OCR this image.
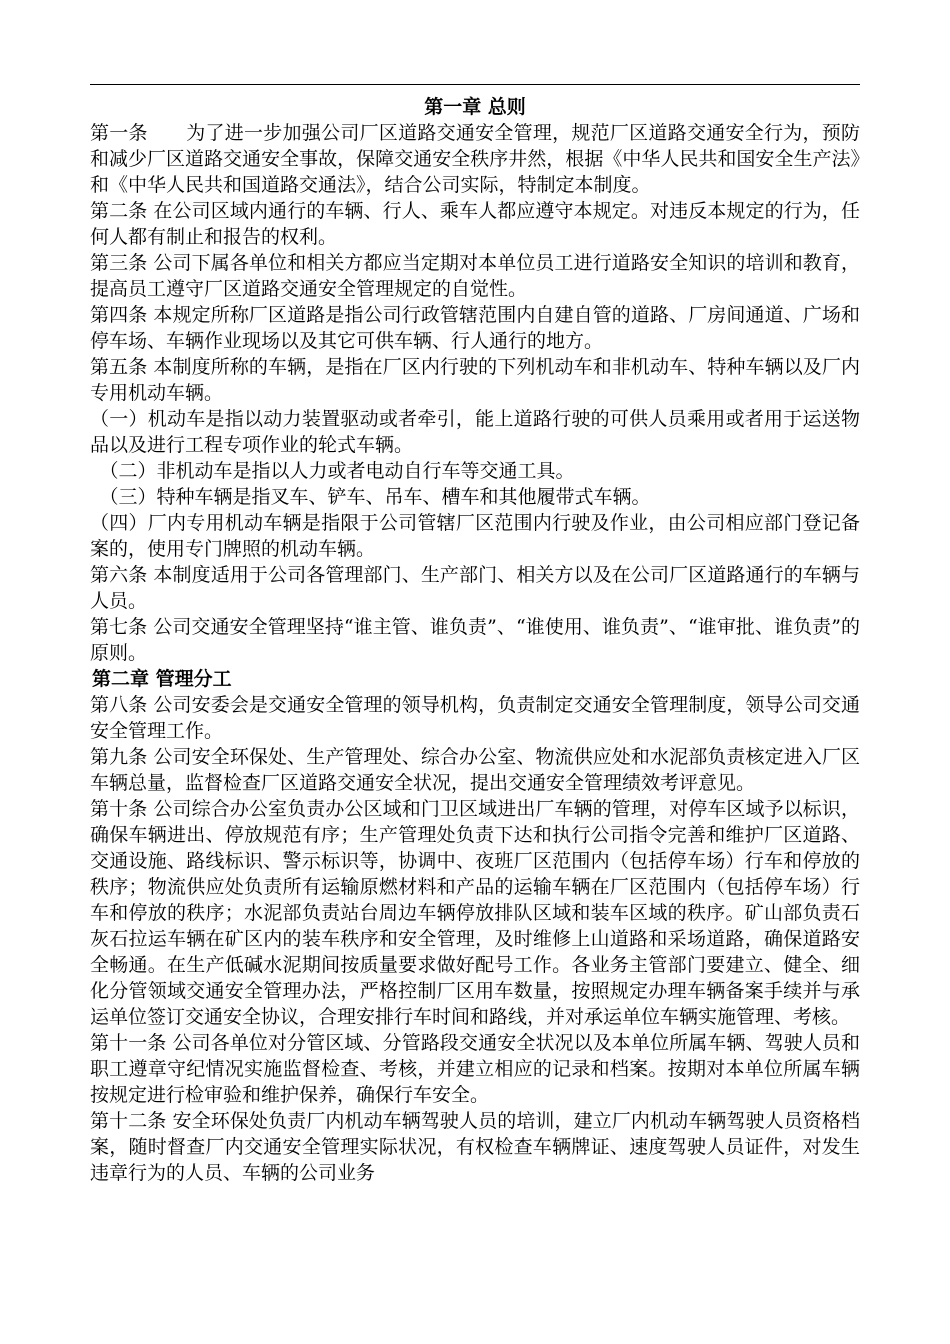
第一章 总则

第一条　　为了进一步加强公司厂区道路交通安全管理，规范厂区道路交通安全行为，预防和减少厂区道路交通安全事故，保障交通安全秩序井然，根据《中华人民共和国安全生产法》和《中华人民共和国道路交通法》，结合公司实际，特制定本制度。

第二条 在公司区域内通行的车辆、行人、乘车人都应遵守本规定。对违反本规定的行为，任何人都有制止和报告的权利。

第三条 公司下属各单位和相关方都应当定期对本单位员工进行道路安全知识的培训和教育，提高员工遵守厂区道路交通安全管理规定的自觉性。

第四条 本规定所称厂区道路是指公司行政管辖范围内自建自管的道路、厂房间通道、广场和停车场、车辆作业现场以及其它可供车辆、行人通行的地方。

第五条 本制度所称的车辆，是指在厂区内行驶的下列机动车和非机动车、特种车辆以及厂内专用机动车辆。

（一）机动车是指以动力装置驱动或者牵引，能上道路行驶的可供人员乘用或者用于运送物品以及进行工程专项作业的轮式车辆。

　（二）非机动车是指以人力或者电动自行车等交通工具。

　（三）特种车辆是指叉车、铲车、吊车、槽车和其他履带式车辆。

（四）厂内专用机动车辆是指限于公司管辖厂区范围内行驶及作业，由公司相应部门登记备案的，使用专门牌照的机动车辆。

第六条 本制度适用于公司各管理部门、生产部门、相关方以及在公司厂区道路通行的车辆与人员。

第七条 公司交通安全管理坚持“谁主管、谁负责”、“谁使用、谁负责”、“谁审批、谁负责”的原则。

第二章 管理分工

第八条 公司安委会是交通安全管理的领导机构，负责制定交通安全管理制度，领导公司交通安全管理工作。

第九条 公司安全环保处、生产管理处、综合办公室、物流供应处和水泥部负责核定进入厂区车辆总量，监督检查厂区道路交通安全状况，提出交通安全管理绩效考评意见。

第十条 公司综合办公室负责办公区域和门卫区域进出厂车辆的管理，对停车区域予以标识，确保车辆进出、停放规范有序；生产管理处负责下达和执行公司指令完善和维护厂区道路、交通设施、路线标识、警示标识等，协调中、夜班厂区范围内（包括停车场）行车和停放的秩序；物流供应处负责所有运输原燃材料和产品的运输车辆在厂区范围内（包括停车场）行车和停放的秩序；水泥部负责站台周边车辆停放排队区域和装车区域的秩序。矿山部负责石灰石拉运车辆在矿区内的装车秩序和安全管理，及时维修上山道路和采场道路，确保道路安全畅通。在生产低碱水泥期间按质量要求做好配号工作。各业务主管部门要建立、健全、细化分管领域交通安全管理办法，严格控制厂区用车数量，按照规定办理车辆备案手续并与承运单位签订交通安全协议，合理安排行车时间和路线，并对承运单位车辆实施管理、考核。

第十一条 公司各单位对分管区域、分管路段交通安全状况以及本单位所属车辆、驾驶人员和职工遵章守纪情况实施监督检查、考核，并建立相应的记录和档案。按期对本单位所属车辆按规定进行检审验和维护保养，确保行车安全。

第十二条 安全环保处负责厂内机动车辆驾驶人员的培训，建立厂内机动车辆驾驶人员资格档案，随时督查厂内交通安全管理实际状况，有权检查车辆牌证、速度驾驶人员证件，对发生违章行为的人员、车辆的公司业务
